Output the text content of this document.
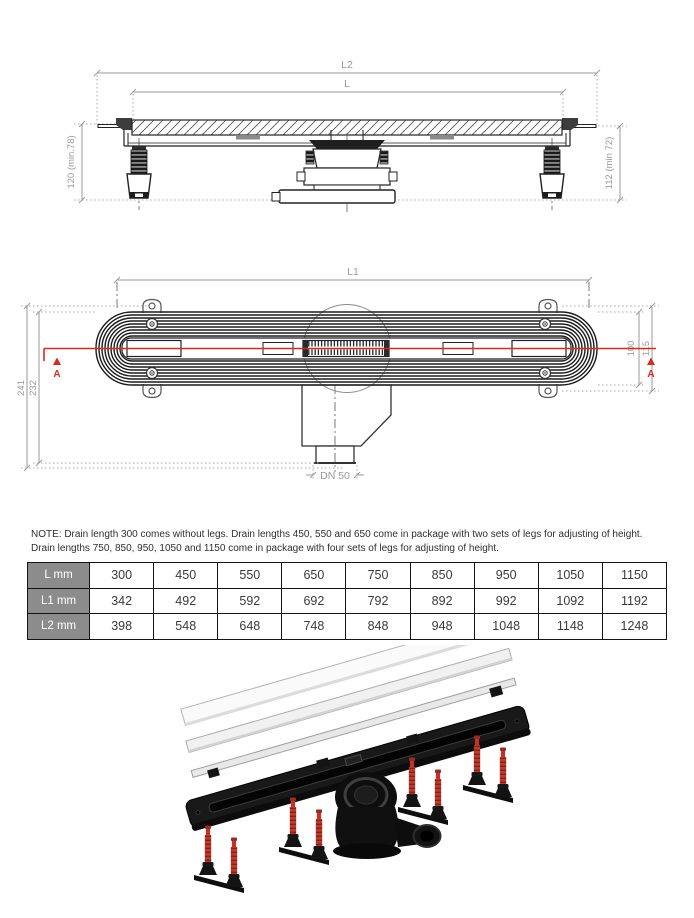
L2
L
120 (min.78)	112 (min 72)
L1
241 232
100 115
DN 50
A	A

NOTE: Drain length 300 comes without legs. Drain lengths 450, 550 and 650 come in package with two sets of legs for adjusting of height. Drain lengths 750, 850, 950, 1050 and 1150 come in package with four sets of legs for adjusting of height.

L mm	300	450	550	650	750	850	950	1050	1150
L1 mm	342	492	592	692	792	892	992	1092	1192
L2 mm	398	548	648	748	848	948	1048	1148	1248
